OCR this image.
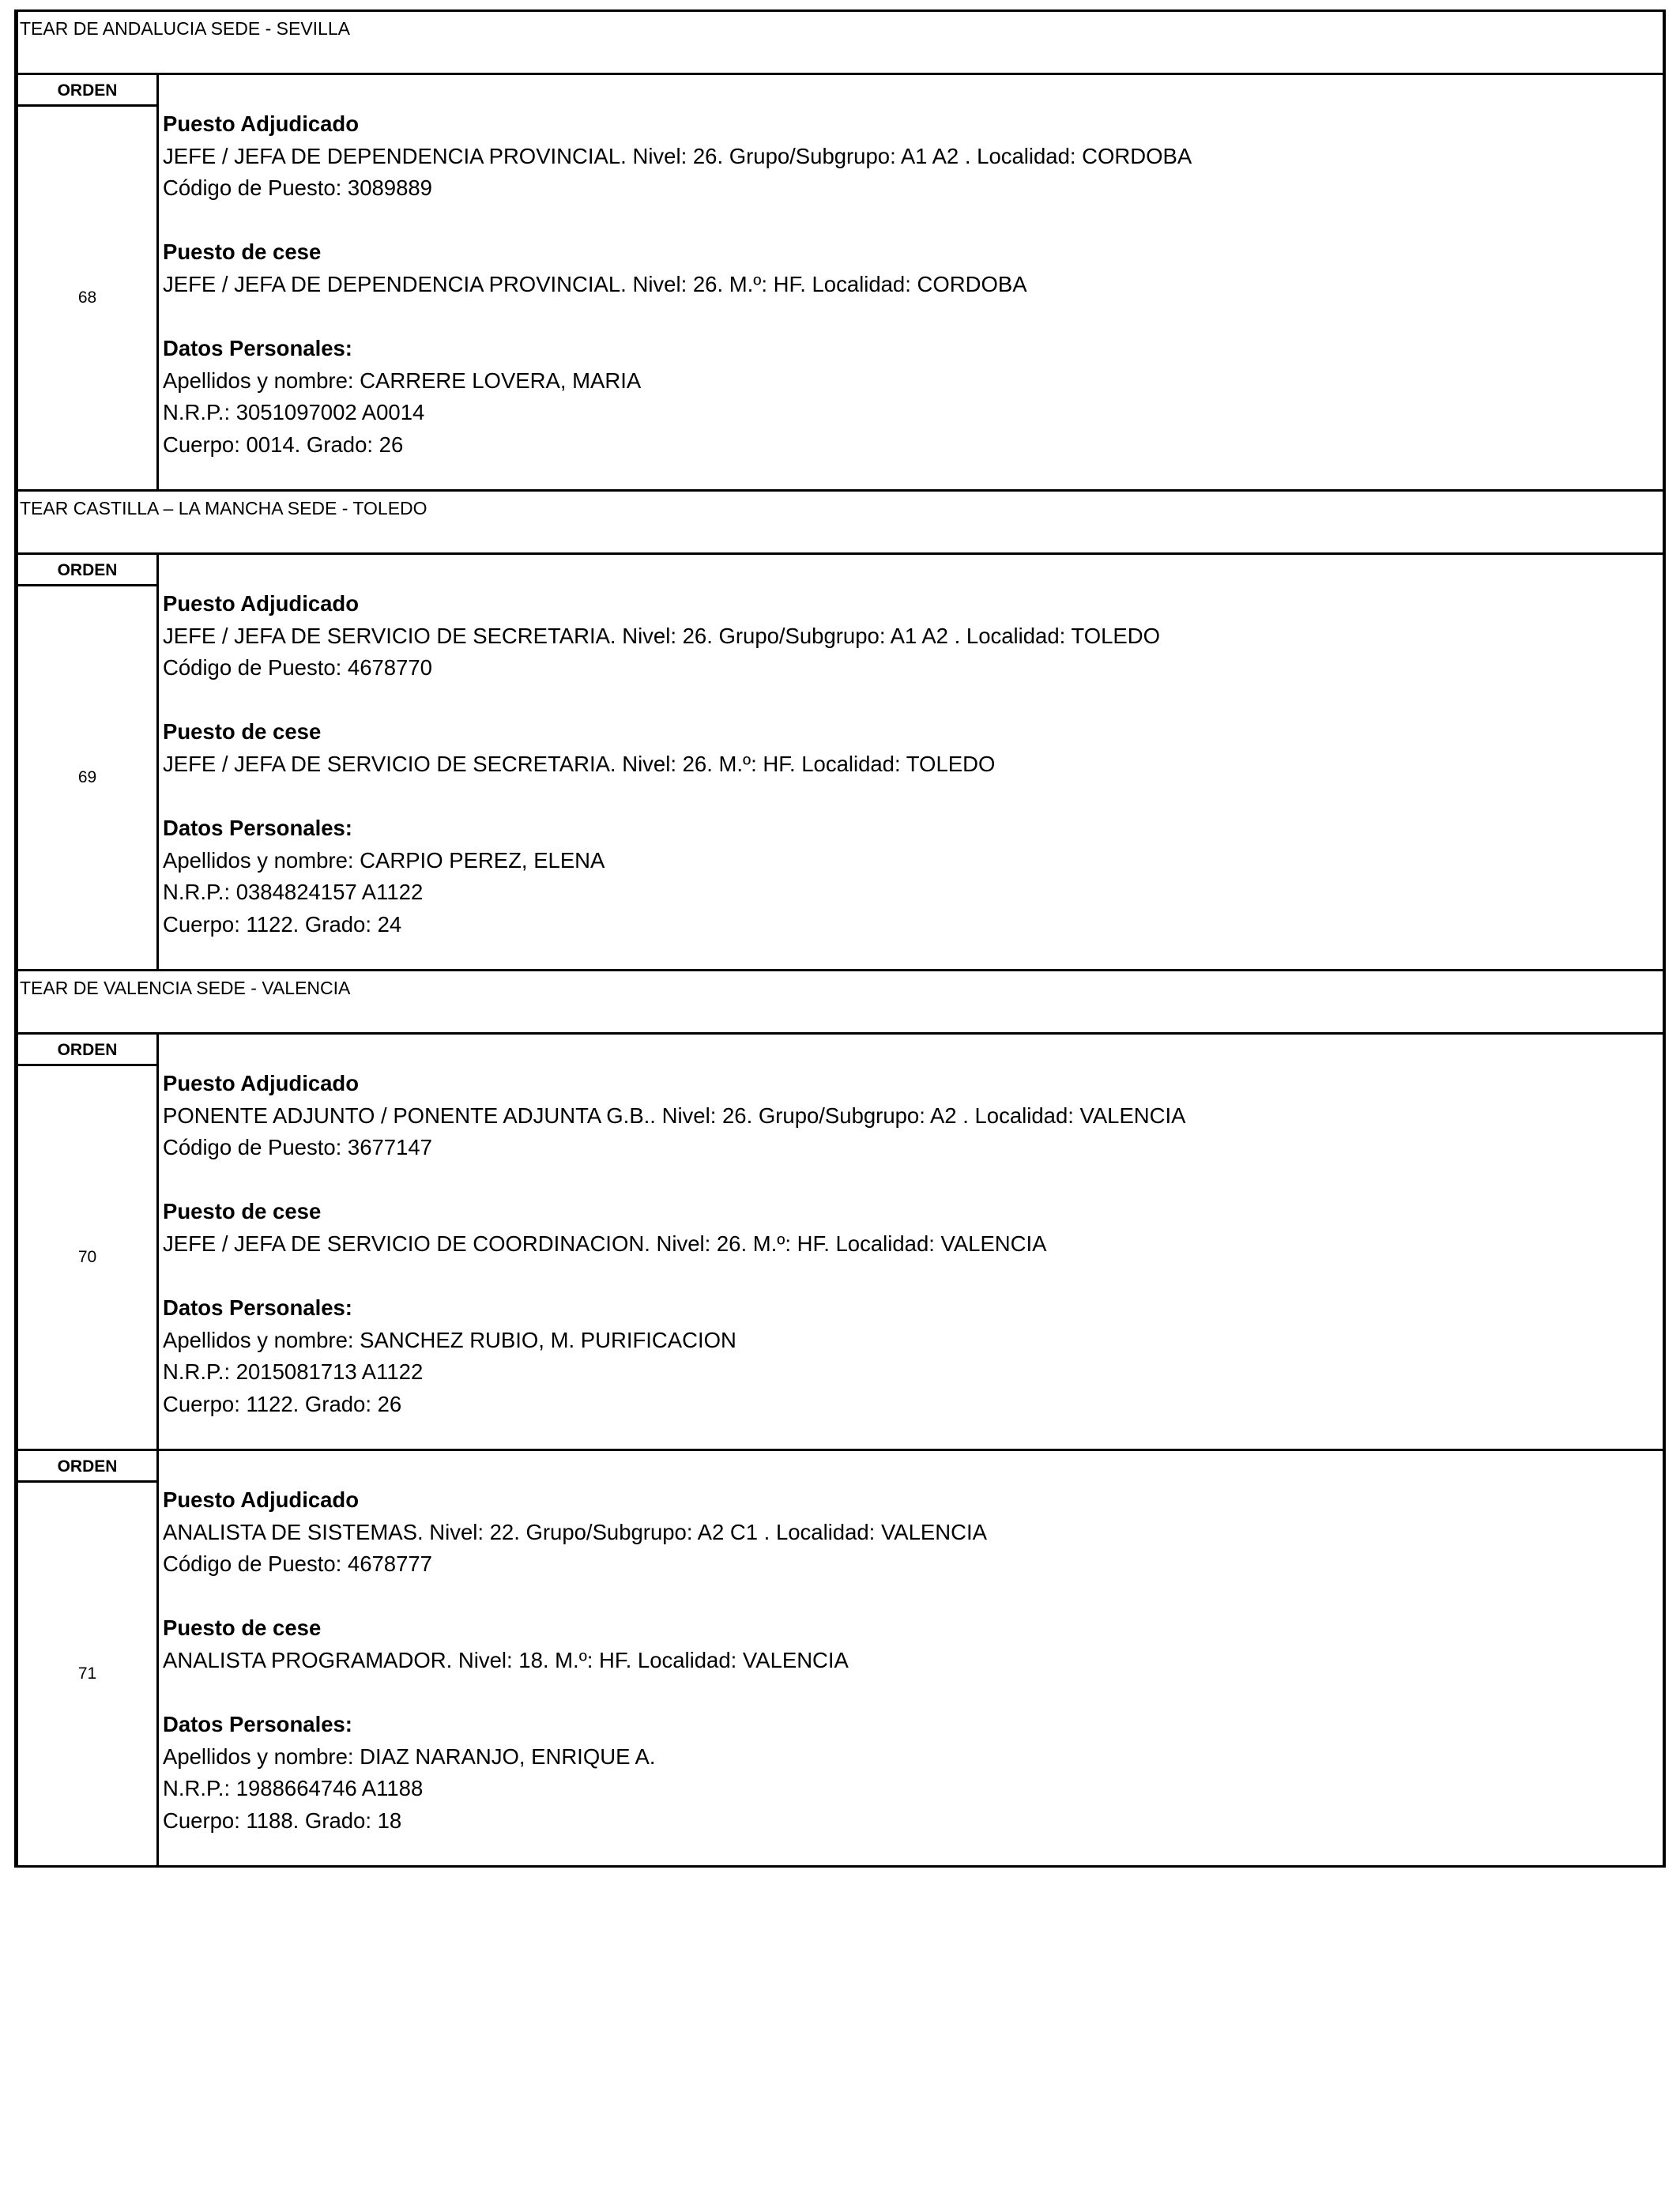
TEAR DE ANDALUCIA SEDE - SEVILLA
ORDEN
68
Puesto Adjudicado
JEFE / JEFA DE DEPENDENCIA PROVINCIAL. Nivel: 26. Grupo/Subgrupo: A1 A2 . Localidad: CORDOBA
Código de Puesto: 3089889
Puesto de cese
JEFE / JEFA DE DEPENDENCIA PROVINCIAL. Nivel: 26. M.º: HF. Localidad: CORDOBA
Datos Personales:
Apellidos y nombre: CARRERE LOVERA, MARIA
N.R.P.: 3051097002 A0014
Cuerpo: 0014. Grado: 26
TEAR CASTILLA – LA MANCHA SEDE - TOLEDO
ORDEN
69
Puesto Adjudicado
JEFE / JEFA DE SERVICIO DE SECRETARIA. Nivel: 26. Grupo/Subgrupo: A1 A2 . Localidad: TOLEDO
Código de Puesto: 4678770
Puesto de cese
JEFE / JEFA DE SERVICIO DE SECRETARIA. Nivel: 26. M.º: HF. Localidad: TOLEDO
Datos Personales:
Apellidos y nombre: CARPIO PEREZ, ELENA
N.R.P.: 0384824157 A1122
Cuerpo: 1122. Grado: 24
TEAR DE VALENCIA SEDE - VALENCIA
ORDEN
70
Puesto Adjudicado
PONENTE ADJUNTO / PONENTE ADJUNTA G.B.. Nivel: 26. Grupo/Subgrupo: A2 . Localidad: VALENCIA
Código de Puesto: 3677147
Puesto de cese
JEFE / JEFA DE SERVICIO DE COORDINACION. Nivel: 26. M.º: HF. Localidad: VALENCIA
Datos Personales:
Apellidos y nombre: SANCHEZ RUBIO, M. PURIFICACION
N.R.P.: 2015081713 A1122
Cuerpo: 1122. Grado: 26
ORDEN
71
Puesto Adjudicado
ANALISTA DE SISTEMAS. Nivel: 22. Grupo/Subgrupo: A2 C1 . Localidad: VALENCIA
Código de Puesto: 4678777
Puesto de cese
ANALISTA PROGRAMADOR. Nivel: 18. M.º: HF. Localidad: VALENCIA
Datos Personales:
Apellidos y nombre: DIAZ NARANJO, ENRIQUE A.
N.R.P.: 1988664746 A1188
Cuerpo: 1188. Grado: 18
